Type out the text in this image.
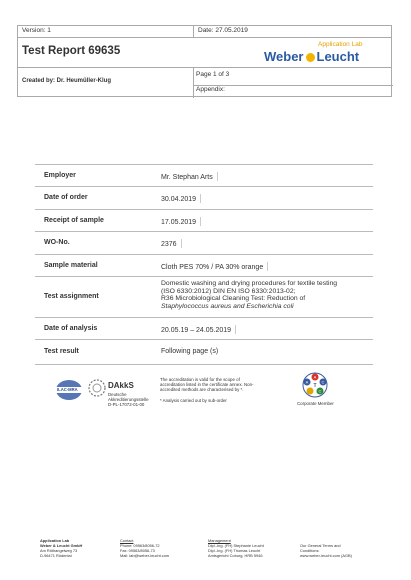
Version: 1	Date: 27.05.2019
Test Report 69635
Created by: Dr. Heumüller-Klug
Page 1 of 3
Appendix:
Application Lab
Weber Leucht
Employer	Mr. Stephan Arts
Date of order	30.04.2019
Receipt of sample	17.05.2019
WO-No.	2376
Sample material	Cloth PES 70% / PA 30% orange
Test assignment
Domestic washing and drying procedures for textile testing
(ISO 6330:2012) DIN EN ISO 6330:2013-02;
R36 Microbiological Cleaning Test: Reduction of
Staphylococcus aureus and Escherichia coli
Date of analysis	20.05.19 – 24.05.2019
Test result	Following page (s)
ILAC-MRA	DAkkS
Deutsche
Akkreditierungsstelle
D-PL-17072-01-00
The accreditation is valid for the scope of
accreditation listed in the certificate annex. Non-
accredited methods are characterised by *.
* Analysis carried out by sub-order
A
A
T
C
C
Corporate Member
Application Lab
Weber & Leucht GmbH
Am Röthangelweg 73
D-96471 Rödental
Contact
Phone: 09563/8056-72
Fax: 09563/8056-73
Mail: lab@weber-leucht.com
Management
Dipl.-Ing. (FH) Stephanie Leucht
Dipl.-Ing. (FH) Thomas Leucht
Amtsgericht Coburg, HRB 5946
Our General Terms and
Conditions:
www.weber-leucht.com (AGB)
